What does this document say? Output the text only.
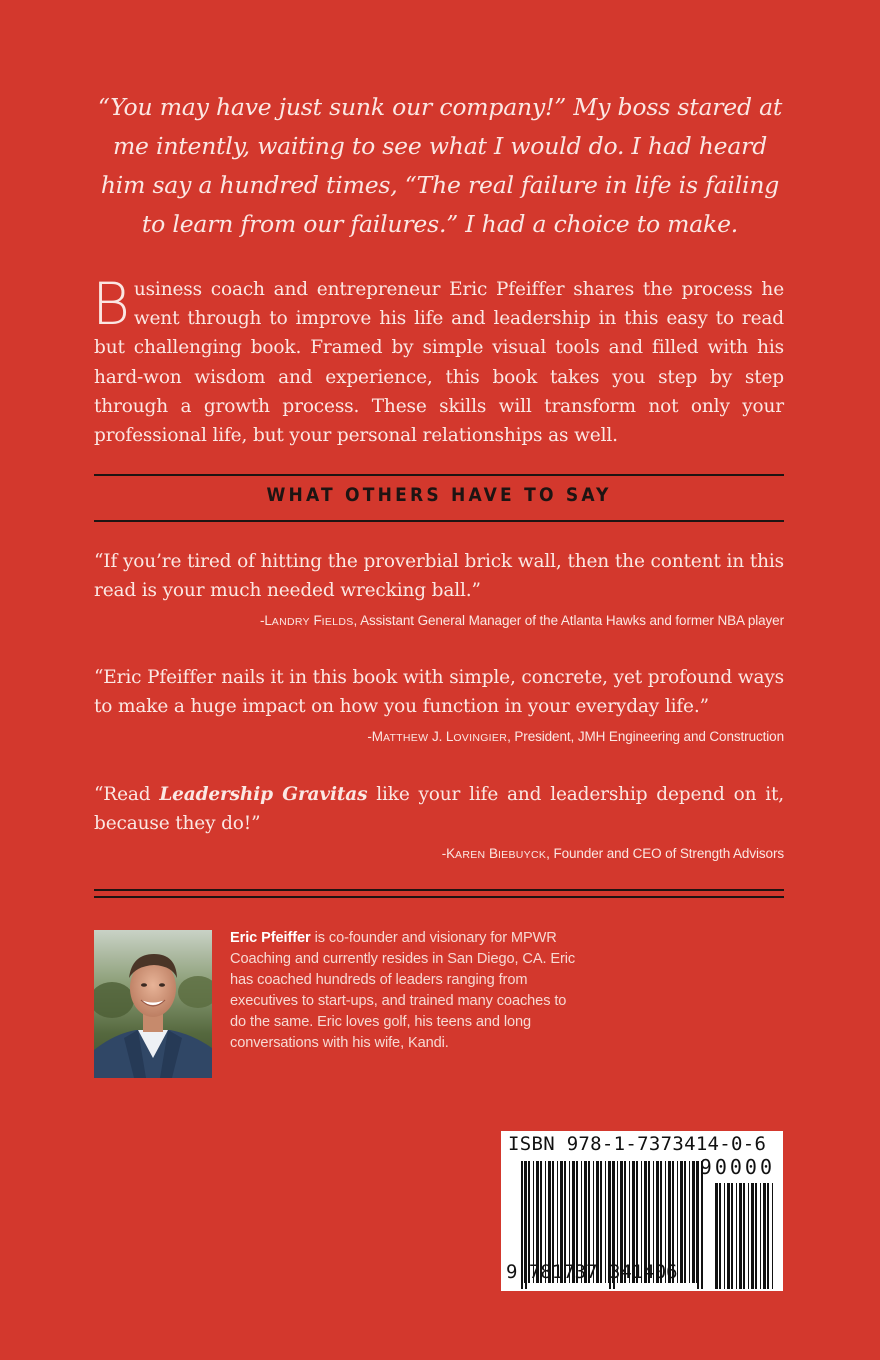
“You may have just sunk our company!” My boss stared at me intently, waiting to see what I would do. I had heard him say a hundred times, “The real failure in life is failing to learn from our failures.” I had a choice to make.
Business coach and entrepreneur Eric Pfeiffer shares the process he went through to improve his life and leadership in this easy to read but challenging book. Framed by simple visual tools and filled with his hard-won wisdom and experience, this book takes you step by step through a growth process. These skills will transform not only your professional life, but your personal relationships as well.
WHAT OTHERS HAVE TO SAY
“If you’re tired of hitting the proverbial brick wall, then the content in this read is your much needed wrecking ball.”
-LANDRY FIELDS, Assistant General Manager of the Atlanta Hawks and former NBA player
“Eric Pfeiffer nails it in this book with simple, concrete, yet profound ways to make a huge impact on how you function in your everyday life.”
-MATTHEW J. LOVINGIER, President, JMH Engineering and Construction
“Read Leadership Gravitas like your life and leadership depend on it, because they do!”
-KAREN BIEBUYCK, Founder and CEO of Strength Advisors
Eric Pfeiffer is co-founder and visionary for MPWR Coaching and currently resides in San Diego, CA. Eric has coached hundreds of leaders ranging from executives to start-ups, and trained many coaches to do the same. Eric loves golf, his teens and long conversations with his wife, Kandi.
ISBN 978-1-7373414-0-6
90000
9 781737 341406
